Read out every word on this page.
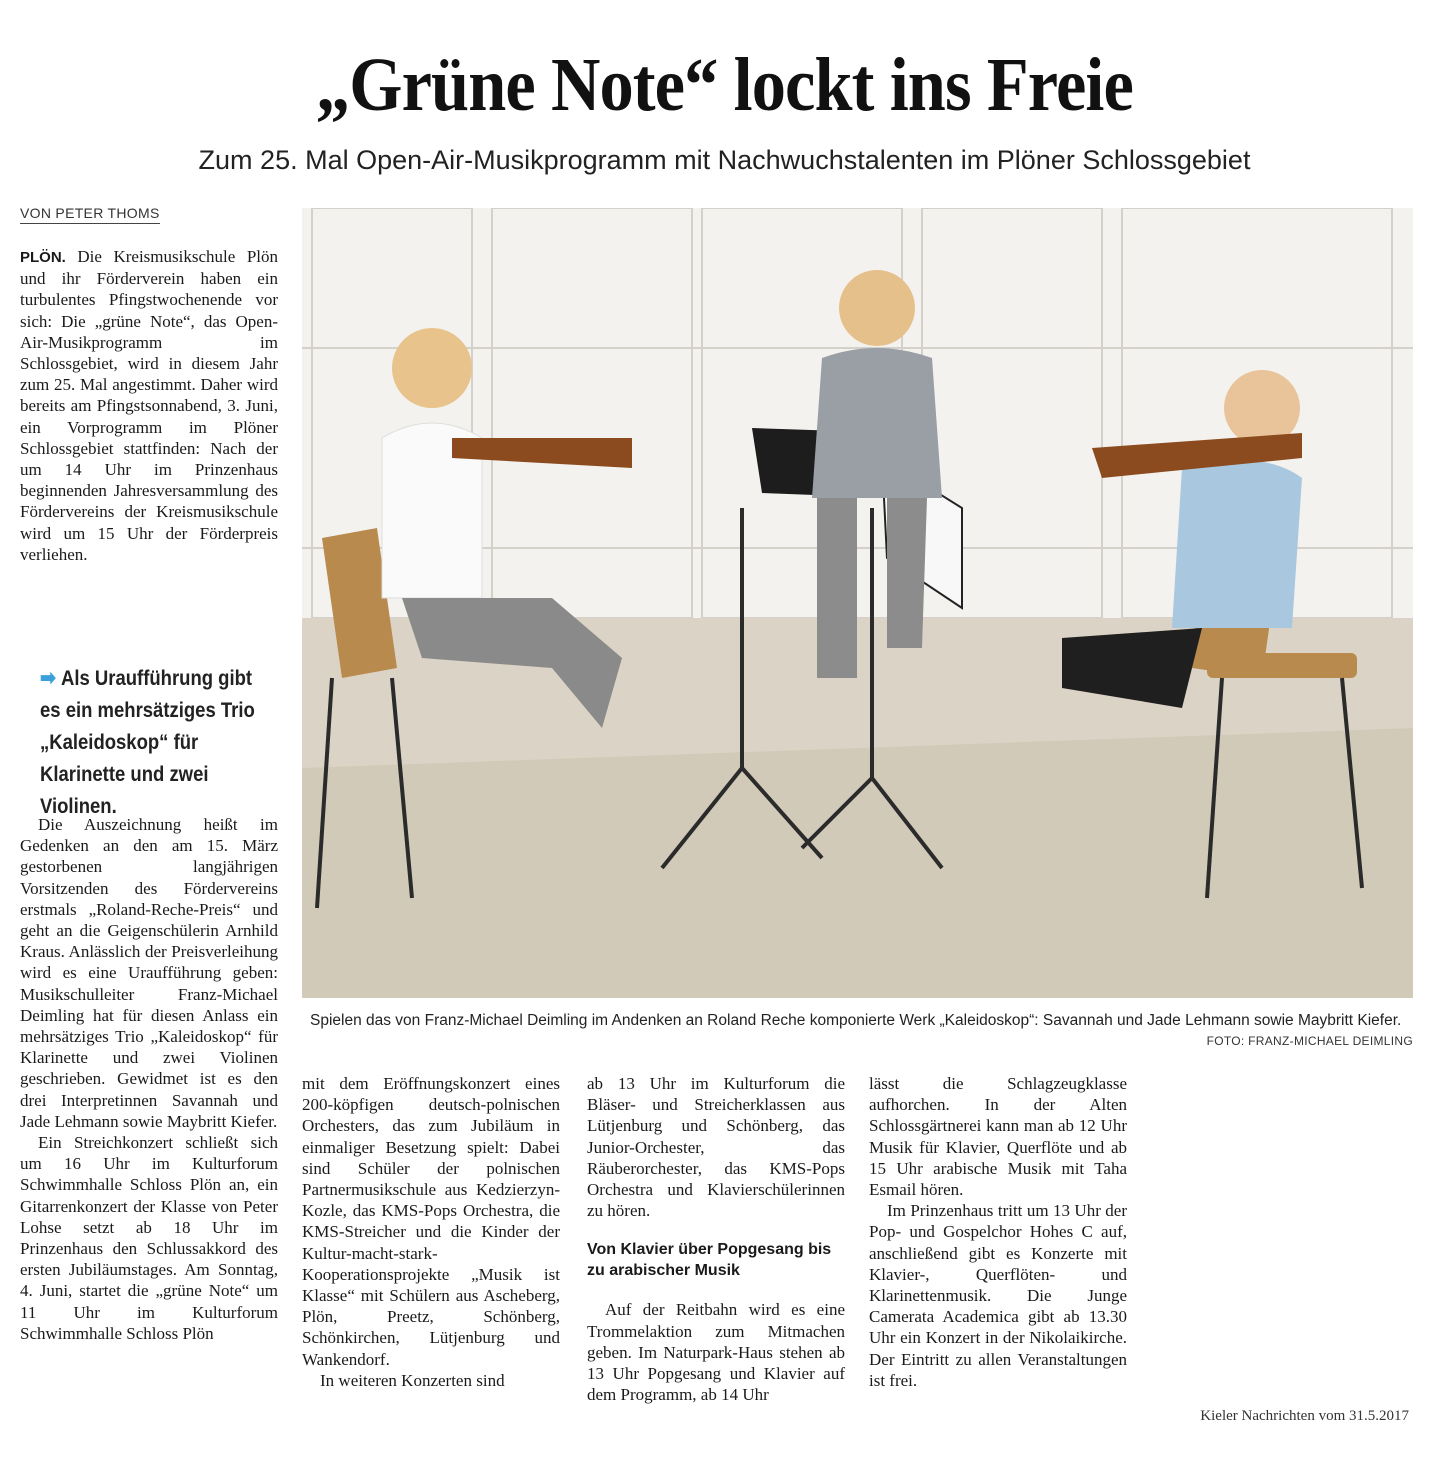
„Grüne Note“ lockt ins Freie
Zum 25. Mal Open-Air-Musikprogramm mit Nachwuchstalenten im Plöner Schlossgebiet
VON PETER THOMS

PLÖN. Die Kreismusikschule Plön und ihr Förderverein haben ein turbulentes Pfingstwochenende vor sich: Die „grüne Note“, das Open-Air-Musikprogramm im Schlossgebiet, wird in diesem Jahr zum 25. Mal angestimmt. Daher wird bereits am Pfingstsonnabend, 3. Juni, ein Vorprogramm im Plöner Schlossgebiet stattfinden: Nach der um 14 Uhr im Prinzenhaus beginnenden Jahresversammlung des Fördervereins der Kreismusikschule wird um 15 Uhr der Förderpreis verliehen.

➡ Als Uraufführung gibt es ein mehrsätziges Trio „Kaleidoskop“ für Klarinette und zwei Violinen.

Die Auszeichnung heißt im Gedenken an den am 15. März gestorbenen langjährigen Vorsitzenden des Fördervereins erstmals „Roland-Reche-Preis“ und geht an die Geigenschülerin Arnhild Kraus. Anlässlich der Preisverleihung wird es eine Uraufführung geben: Musikschulleiter Franz-Michael Deimling hat für diesen Anlass ein mehrsätziges Trio „Kaleidoskop“ für Klarinette und zwei Violinen geschrieben. Gewidmet ist es den drei Interpretinnen Savannah und Jade Lehmann sowie Maybritt Kiefer.

Ein Streichkonzert schließt sich um 16 Uhr im Kulturforum Schwimmhalle Schloss Plön an, ein Gitarrenkonzert der Klasse von Peter Lohse setzt ab 18 Uhr im Prinzenhaus den Schlussakkord des ersten Jubiläumstages. Am Sonntag, 4. Juni, startet die „grüne Note“ um 11 Uhr im Kulturforum Schwimmhalle Schloss Plön

Spielen das von Franz-Michael Deimling im Andenken an Roland Reche komponierte Werk „Kaleidoskop“: Savannah und Jade Lehmann sowie Maybritt Kiefer.
FOTO: FRANZ-MICHAEL DEIMLING

mit dem Eröffnungskonzert eines 200-köpfigen deutsch-polnischen Orchesters, das zum Jubiläum in einmaliger Besetzung spielt: Dabei sind Schüler der polnischen Partnermusikschule aus Kedzierzyn-Kozle, das KMS-Pops Orchestra, die KMS-Streicher und die Kinder der Kultur-macht-stark-Kooperationsprojekte „Musik ist Klasse“ mit Schülern aus Ascheberg, Plön, Preetz, Schönberg, Schönkirchen, Lütjenburg und Wankendorf.

In weiteren Konzerten sind

ab 13 Uhr im Kulturforum die Bläser- und Streicherklassen aus Lütjenburg und Schönberg, das Junior-Orchester, das Räuberorchester, das KMS-Pops Orchestra und Klavierschülerinnen zu hören.

Von Klavier über Popgesang bis zu arabischer Musik

Auf der Reitbahn wird es eine Trommelaktion zum Mitmachen geben. Im Naturpark-Haus stehen ab 13 Uhr Popgesang und Klavier auf dem Programm, ab 14 Uhr

lässt die Schlagzeugklasse aufhorchen. In der Alten Schlossgärtnerei kann man ab 12 Uhr Musik für Klavier, Querflöte und ab 15 Uhr arabische Musik mit Taha Esmail hören.

Im Prinzenhaus tritt um 13 Uhr der Pop- und Gospelchor Hohes C auf, anschließend gibt es Konzerte mit Klavier-, Querflöten- und Klarinettenmusik. Die Junge Camerata Academica gibt ab 13.30 Uhr ein Konzert in der Nikolaikirche. Der Eintritt zu allen Veranstaltungen ist frei.

Kieler Nachrichten vom 31.5.2017
